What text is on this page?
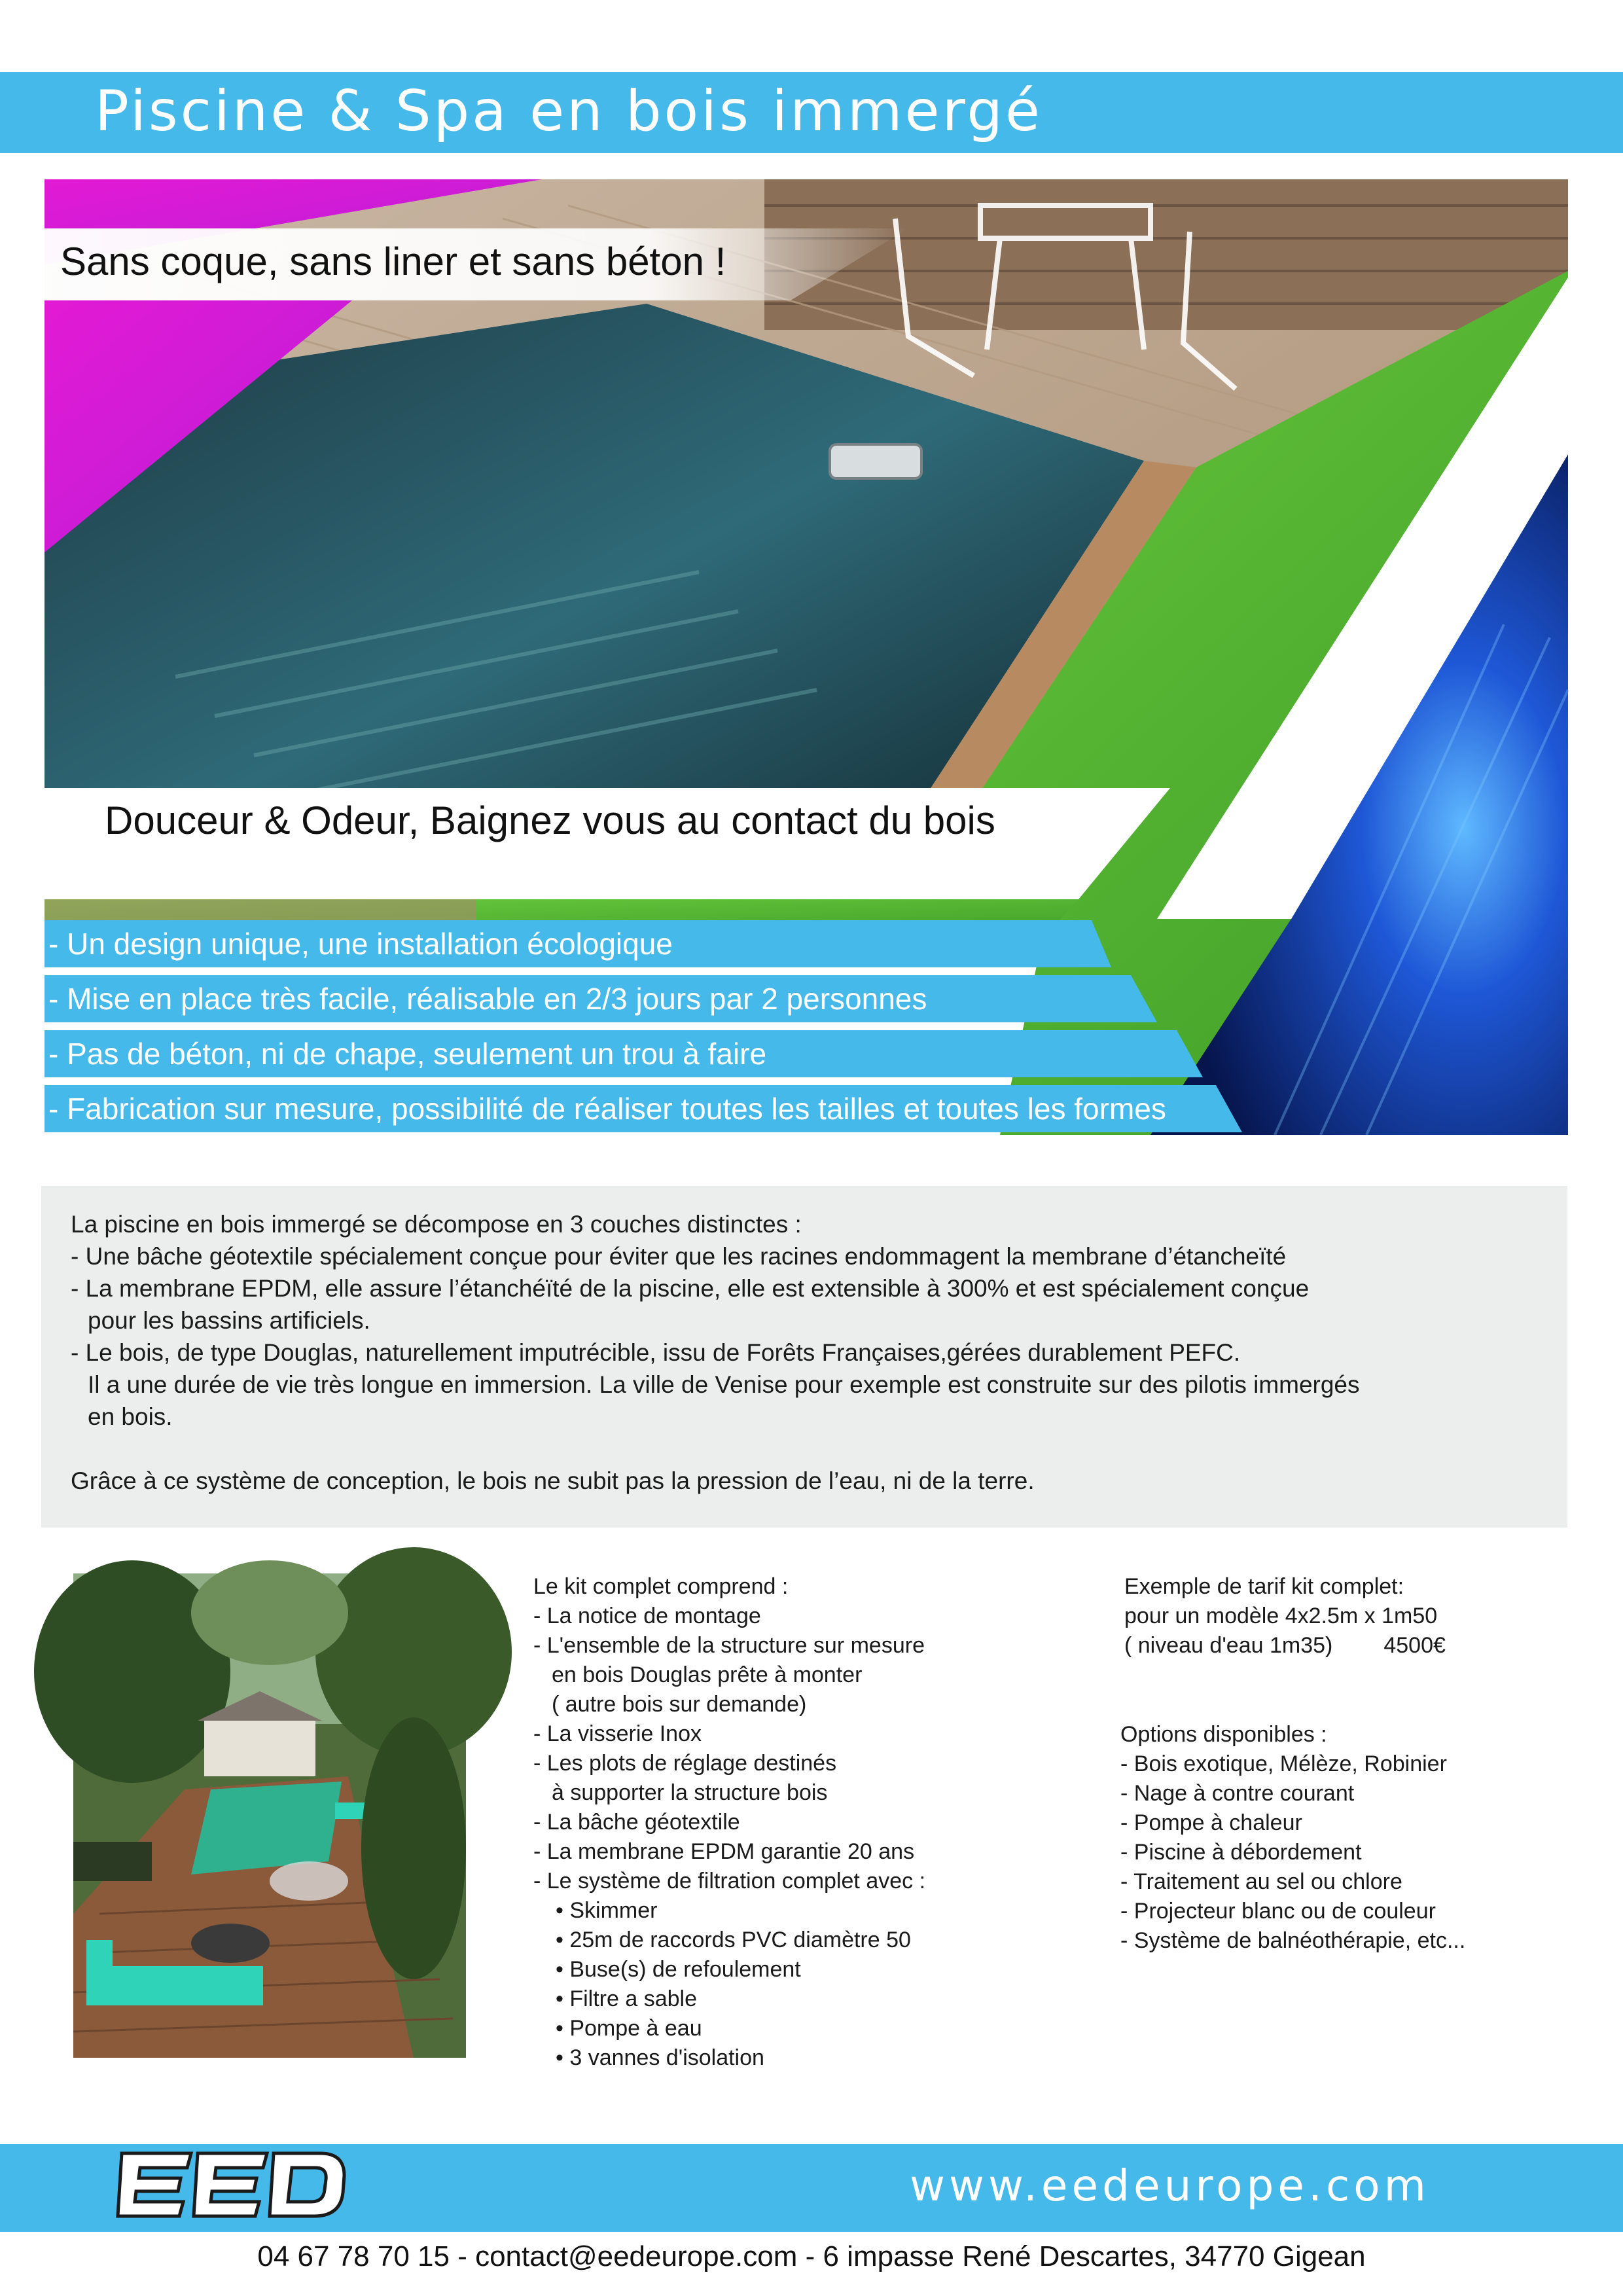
Piscine & Spa en bois immergé
Sans coque, sans liner et sans béton !
Douceur & Odeur, Baignez vous au contact du bois
- Un design unique, une installation écologique
- Mise en place très facile, réalisable en 2/3 jours par 2 personnes
- Pas de béton, ni de chape, seulement un trou à faire
- Fabrication sur mesure, possibilité de réaliser toutes les tailles et toutes les formes

La piscine en bois immergé se décompose en 3 couches distinctes :

- Une bâche géotextile spécialement conçue pour éviter que les racines endommagent la membrane d’étancheïté

- La membrane EPDM, elle assure l’étanchéïté de la piscine, elle est extensible à 300% et est spécialement conçue

pour les bassins artificiels.

- Le bois, de type Douglas, naturellement imputrécible, issu de Forêts Françaises,gérées durablement PEFC.

Il a une durée de vie très longue en immersion. La ville de Venise pour exemple est construite sur des pilotis immergés

en bois.

Grâce à ce système de conception, le bois ne subit pas la pression de l’eau, ni de la terre.

Le kit complet comprend :

- La notice de montage

- L'ensemble de la structure sur mesure

en bois Douglas prête à monter

( autre bois sur demande)

- La visserie Inox

- Les plots de réglage destinés

à supporter la structure bois

- La bâche géotextile

- La membrane EPDM garantie 20 ans

- Le système de filtration complet avec :

• Skimmer

• 25m de raccords PVC diamètre 50

• Buse(s) de refoulement

• Filtre a sable

• Pompe à eau

• 3 vannes d'isolation

Exemple de tarif kit complet:

pour un modèle 4x2.5m x 1m50

( niveau d'eau 1m35) 4500€

Options disponibles :

- Bois exotique, Mélèze, Robinier

- Nage à contre courant

- Pompe à chaleur

- Piscine à débordement

- Traitement au sel ou chlore

- Projecteur blanc ou de couleur

- Système de balnéothérapie, etc...

www.eedeurope.com
04 67 78 70 15 - contact@eedeurope.com - 6 impasse René Descartes, 34770 Gigean
